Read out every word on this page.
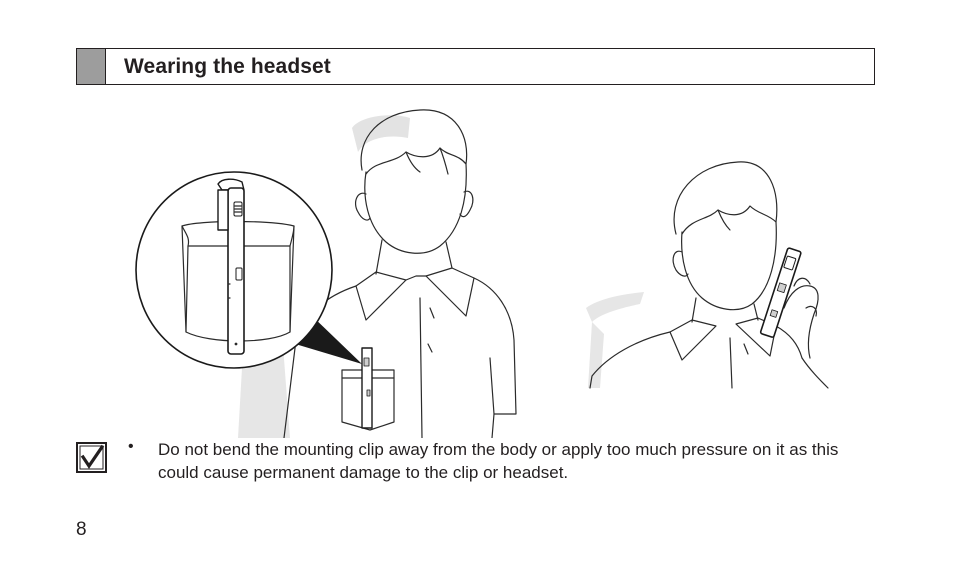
Wearing the headset
• Do not bend the mounting clip away from the body or apply too much pressure on it as this could cause permanent damage to the clip or headset.
8
